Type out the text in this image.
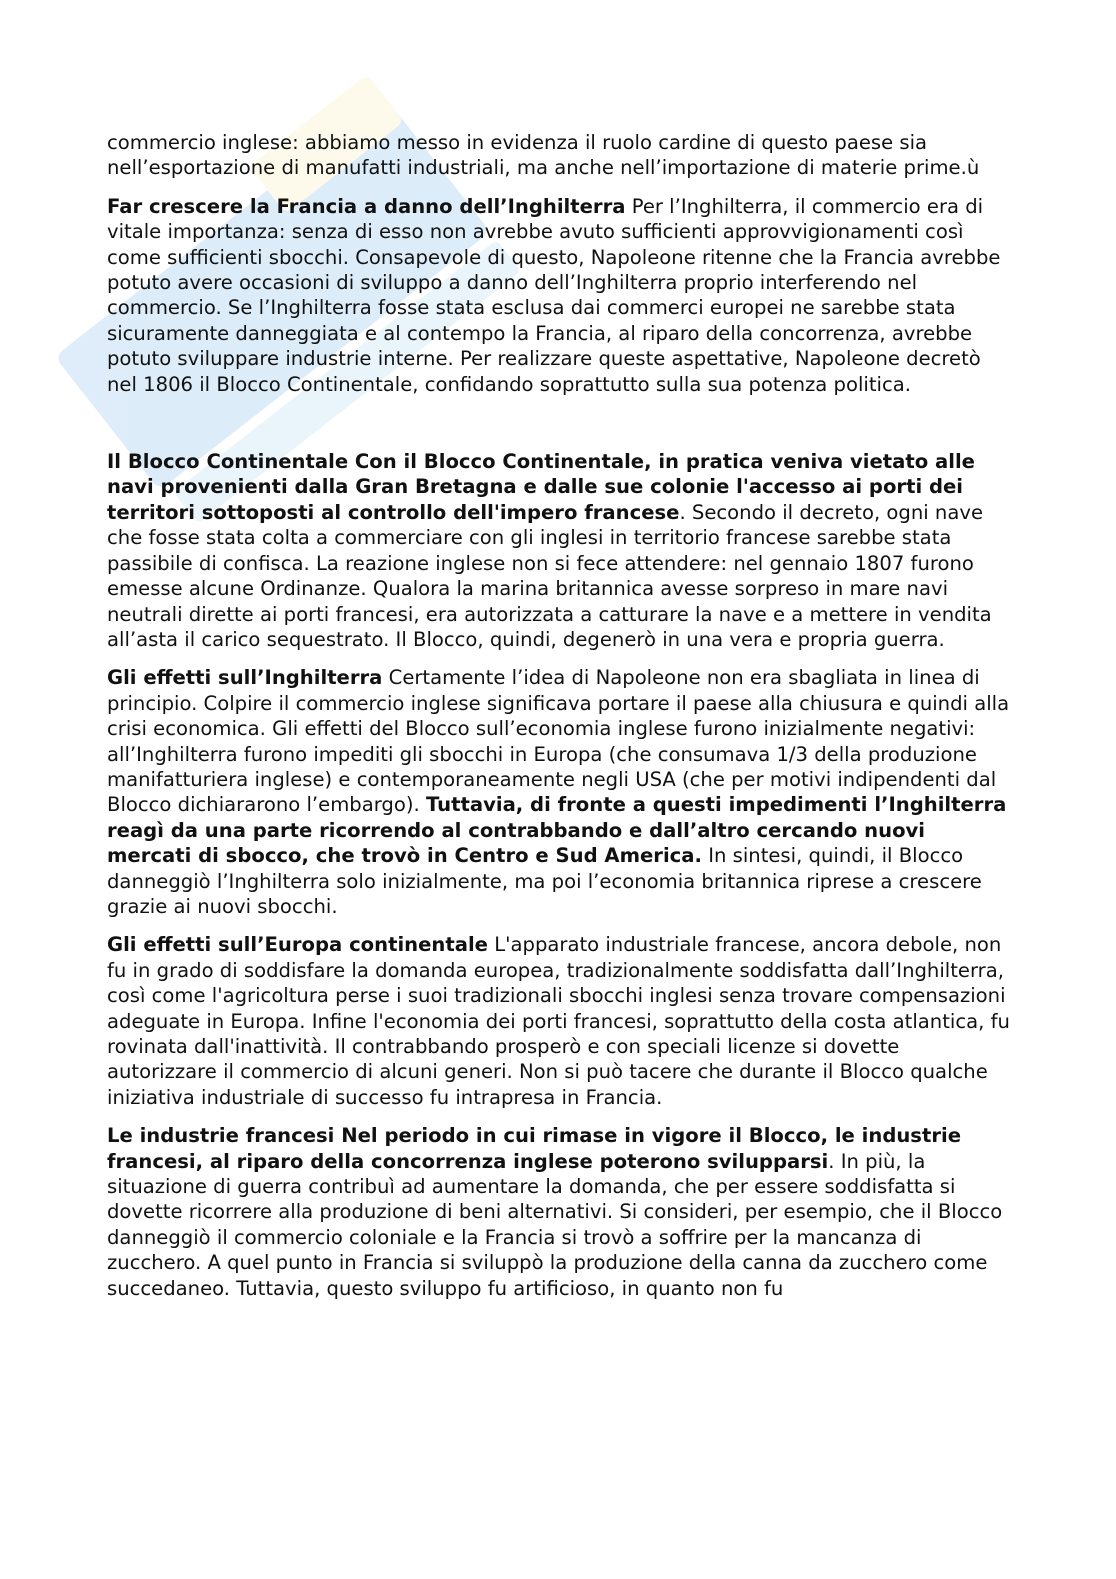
commercio inglese: abbiamo messo in evidenza il ruolo cardine di questo paese sia nell’esportazione di manufatti industriali, ma anche nell’importazione di materie prime.ù

Far crescere la Francia a danno dell’Inghilterra Per l’Inghilterra, il commercio era di vitale importanza: senza di esso non avrebbe avuto sufficienti approvvigionamenti così come sufficienti sbocchi. Consapevole di questo, Napoleone ritenne che la Francia avrebbe potuto avere occasioni di sviluppo a danno dell’Inghilterra proprio interferendo nel commercio. Se l’Inghilterra fosse stata esclusa dai commerci europei ne sarebbe stata sicuramente danneggiata e al contempo la Francia, al riparo della concorrenza, avrebbe potuto sviluppare industrie interne. Per realizzare queste aspettative, Napoleone decretò nel 1806 il Blocco Continentale, confidando soprattutto sulla sua potenza politica.

Il Blocco Continentale Con il Blocco Continentale, in pratica veniva vietato alle navi provenienti dalla Gran Bretagna e dalle sue colonie l'accesso ai porti dei territori sottoposti al controllo dell'impero francese. Secondo il decreto, ogni nave che fosse stata colta a commerciare con gli inglesi in territorio francese sarebbe stata passibile di confisca. La reazione inglese non si fece attendere: nel gennaio 1807 furono emesse alcune Ordinanze. Qualora la marina britannica avesse sorpreso in mare navi neutrali dirette ai porti francesi, era autorizzata a catturare la nave e a mettere in vendita all’asta il carico sequestrato. Il Blocco, quindi, degenerò in una vera e propria guerra.

Gli effetti sull’Inghilterra Certamente l’idea di Napoleone non era sbagliata in linea di principio. Colpire il commercio inglese significava portare il paese alla chiusura e quindi alla crisi economica. Gli effetti del Blocco sull’economia inglese furono inizialmente negativi: all’Inghilterra furono impediti gli sbocchi in Europa (che consumava 1/3 della produzione manifatturiera inglese) e contemporaneamente negli USA (che per motivi indipendenti dal Blocco dichiararono l’embargo). Tuttavia, di fronte a questi impedimenti l’Inghilterra reagì da una parte ricorrendo al contrabbando e dall’altro cercando nuovi mercati di sbocco, che trovò in Centro e Sud America. In sintesi, quindi, il Blocco danneggiò l’Inghilterra solo inizialmente, ma poi l’economia britannica riprese a crescere grazie ai nuovi sbocchi.

Gli effetti sull’Europa continentale L'apparato industriale francese, ancora debole, non fu in grado di soddisfare la domanda europea, tradizionalmente soddisfatta dall’Inghilterra, così come l'agricoltura perse i suoi tradizionali sbocchi inglesi senza trovare compensazioni adeguate in Europa. Infine l'economia dei porti francesi, soprattutto della costa atlantica, fu rovinata dall'inattività. Il contrabbando prosperò e con speciali licenze si dovette autorizzare il commercio di alcuni generi. Non si può tacere che durante il Blocco qualche iniziativa industriale di successo fu intrapresa in Francia.

Le industrie francesi Nel periodo in cui rimase in vigore il Blocco, le industrie francesi, al riparo della concorrenza inglese poterono svilupparsi. In più, la situazione di guerra contribuì ad aumentare la domanda, che per essere soddisfatta si dovette ricorrere alla produzione di beni alternativi. Si consideri, per esempio, che il Blocco danneggiò il commercio coloniale e la Francia si trovò a soffrire per la mancanza di zucchero. A quel punto in Francia si sviluppò la produzione della canna da zucchero come succedaneo. Tuttavia, questo sviluppo fu artificioso, in quanto non fu
